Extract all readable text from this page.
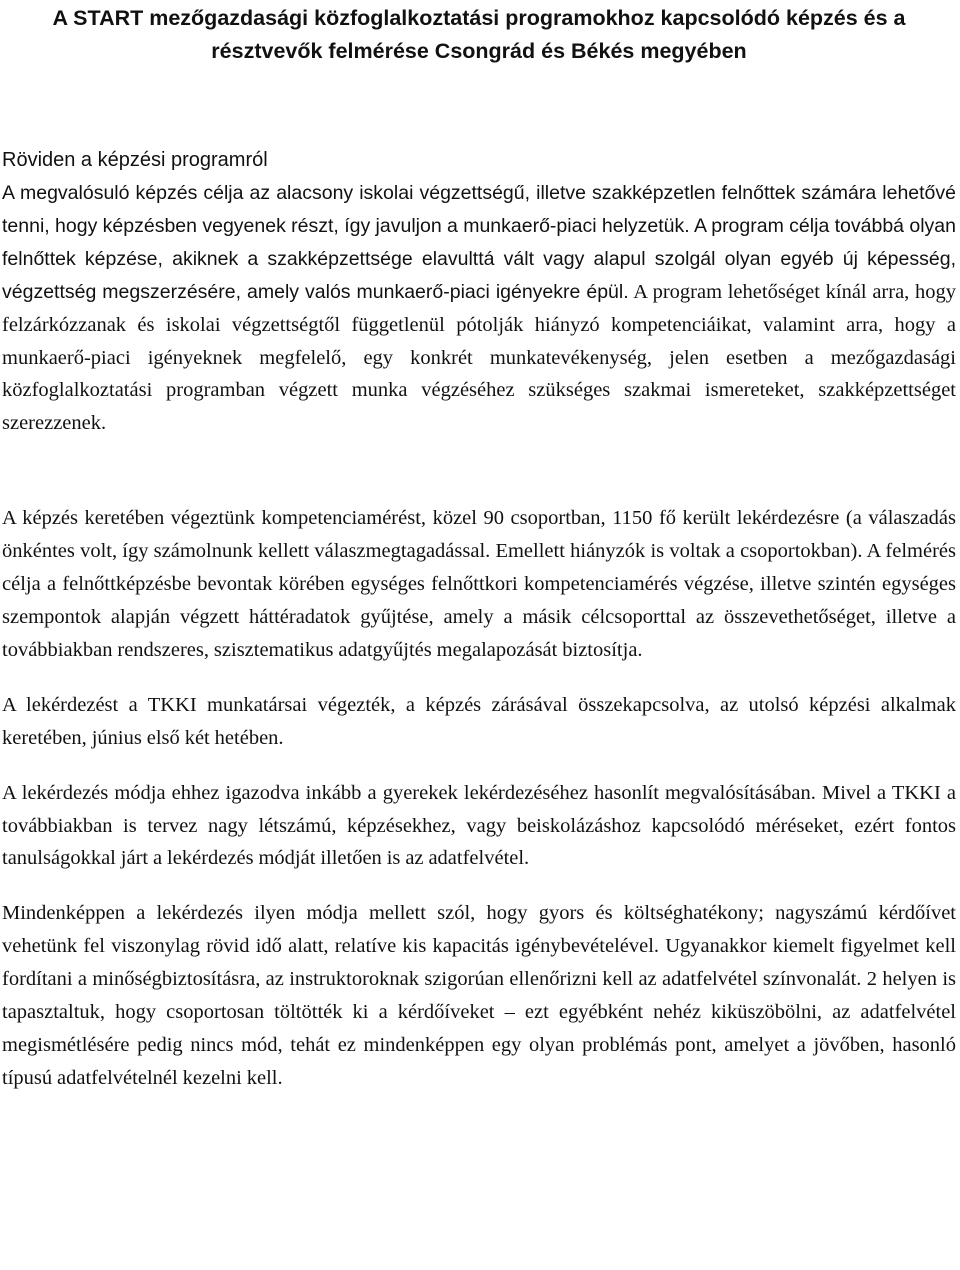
A START mezőgazdasági közfoglalkoztatási programokhoz kapcsolódó képzés és a résztvevők felmérése Csongrád és Békés megyében
Röviden a képzési programról

A megvalósuló képzés célja az alacsony iskolai végzettségű, illetve szakképzetlen felnőttek számára lehetővé tenni, hogy képzésben vegyenek részt, így javuljon a munkaerő-piaci helyzetük. A program célja továbbá olyan felnőttek képzése, akiknek a szakképzettsége elavulttá vált vagy alapul szolgál olyan egyéb új képesség, végzettség megszerzésére, amely valós munkaerő-piaci igényekre épül. A program lehetőséget kínál arra, hogy felzárkózzanak és iskolai végzettségtől függetlenül pótolják hiányzó kompetenciáikat, valamint arra, hogy a munkaerő-piaci igényeknek megfelelő, egy konkrét munkatevékenység, jelen esetben a mezőgazdasági közfoglalkoztatási programban végzett munka végzéséhez szükséges szakmai ismereteket, szakképzettséget szerezzenek.

A képzés keretében végeztünk kompetenciamérést, közel 90 csoportban, 1150 fő került lekérdezésre (a válaszadás önkéntes volt, így számolnunk kellett válaszmegtagadással. Emellett hiányzók is voltak a csoportokban). A felmérés célja a felnőttképzésbe bevontak körében egységes felnőttkori kompetenciamérés végzése, illetve szintén egységes szempontok alapján végzett háttéradatok gyűjtése, amely a másik célcsoporttal az összevethetőséget, illetve a továbbiakban rendszeres, szisztematikus adatgyűjtés megalapozását biztosítja.

A lekérdezést a TKKI munkatársai végezték, a képzés zárásával összekapcsolva, az utolsó képzési alkalmak keretében, június első két hetében.

A lekérdezés módja ehhez igazodva inkább a gyerekek lekérdezéséhez hasonlít megvalósításában. Mivel a TKKI a továbbiakban is tervez nagy létszámú, képzésekhez, vagy beiskolázáshoz kapcsolódó méréseket, ezért fontos tanulságokkal járt a lekérdezés módját illetően is az adatfelvétel.

Mindenképpen a lekérdezés ilyen módja mellett szól, hogy gyors és költséghatékony; nagyszámú kérdőívet vehetünk fel viszonylag rövid idő alatt, relatíve kis kapacitás igénybevételével. Ugyanakkor kiemelt figyelmet kell fordítani a minőségbiztosításra, az instruktoroknak szigorúan ellenőrizni kell az adatfelvétel színvonalát. 2 helyen is tapasztaltuk, hogy csoportosan töltötték ki a kérdőíveket – ezt egyébként nehéz kiküszöbölni, az adatfelvétel megismétlésére pedig nincs mód, tehát ez mindenképpen egy olyan problémás pont, amelyet a jövőben, hasonló típusú adatfelvételnél kezelni kell.
